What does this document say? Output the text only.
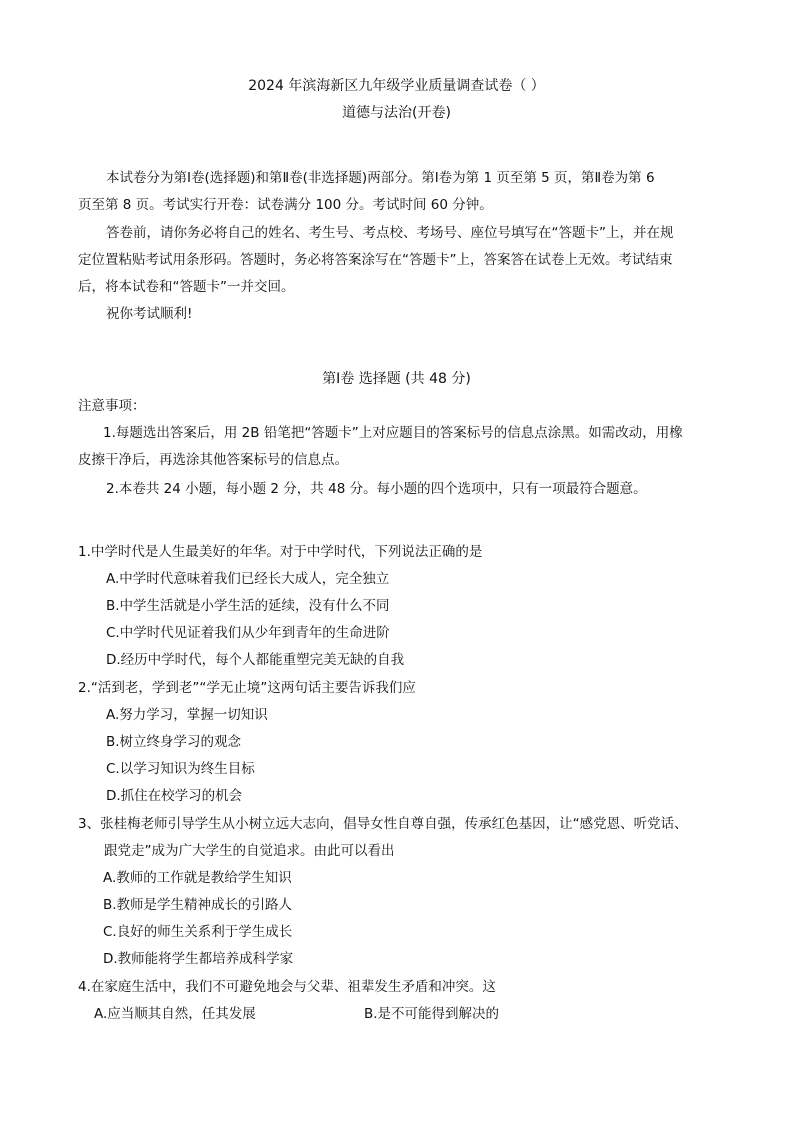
2024 年滨海新区九年级学业质量调查试卷（ ）
道德与法治(开卷)
本试卷分为第Ⅰ卷(选择题)和第Ⅱ卷(非选择题)两部分。第Ⅰ卷为第 1 页至第 5 页，第Ⅱ卷为第 6
页至第 8 页。考试实行开卷：试卷满分 100 分。考试时间 60 分钟。
答卷前，请你务必将自己的姓名、考生号、考点校、考场号、座位号填写在“答题卡”上，并在规
定位置粘贴考试用条形码。答题时，务必将答案涂写在“答题卡”上，答案答在试卷上无效。考试结束
后，将本试卷和“答题卡”一并交回。
祝你考试顺利!
第Ⅰ卷 选择题 (共 48 分)
注意事项：
1.每题选出答案后，用 2B 铅笔把“答题卡”上对应题目的答案标号的信息点涂黑。如需改动，用橡
皮擦干净后，再选涂其他答案标号的信息点。
2.本卷共 24 小题，每小题 2 分，共 48 分。每小题的四个选项中，只有一项最符合题意。
1.中学时代是人生最美好的年华。对于中学时代，下列说法正确的是
A.中学时代意味着我们已经长大成人，完全独立
B.中学生活就是小学生活的延续，没有什么不同
C.中学时代见证着我们从少年到青年的生命进阶
D.经历中学时代，每个人都能重塑完美无缺的自我
2.“活到老，学到老”“学无止境”这两句话主要告诉我们应
A.努力学习，掌握一切知识
B.树立终身学习的观念
C.以学习知识为终生目标
D.抓住在校学习的机会
3、张桂梅老师引导学生从小树立远大志向，倡导女性自尊自强，传承红色基因，让“感党恩、听党话、
跟党走”成为广大学生的自觉追求。由此可以看出
A.教师的工作就是教给学生知识
B.教师是学生精神成长的引路人
C.良好的师生关系利于学生成长
D.教师能将学生都培养成科学家
4.在家庭生活中，我们不可避免地会与父辈、祖辈发生矛盾和冲突。这
A.应当顺其自然，任其发展	B.是不可能得到解决的
